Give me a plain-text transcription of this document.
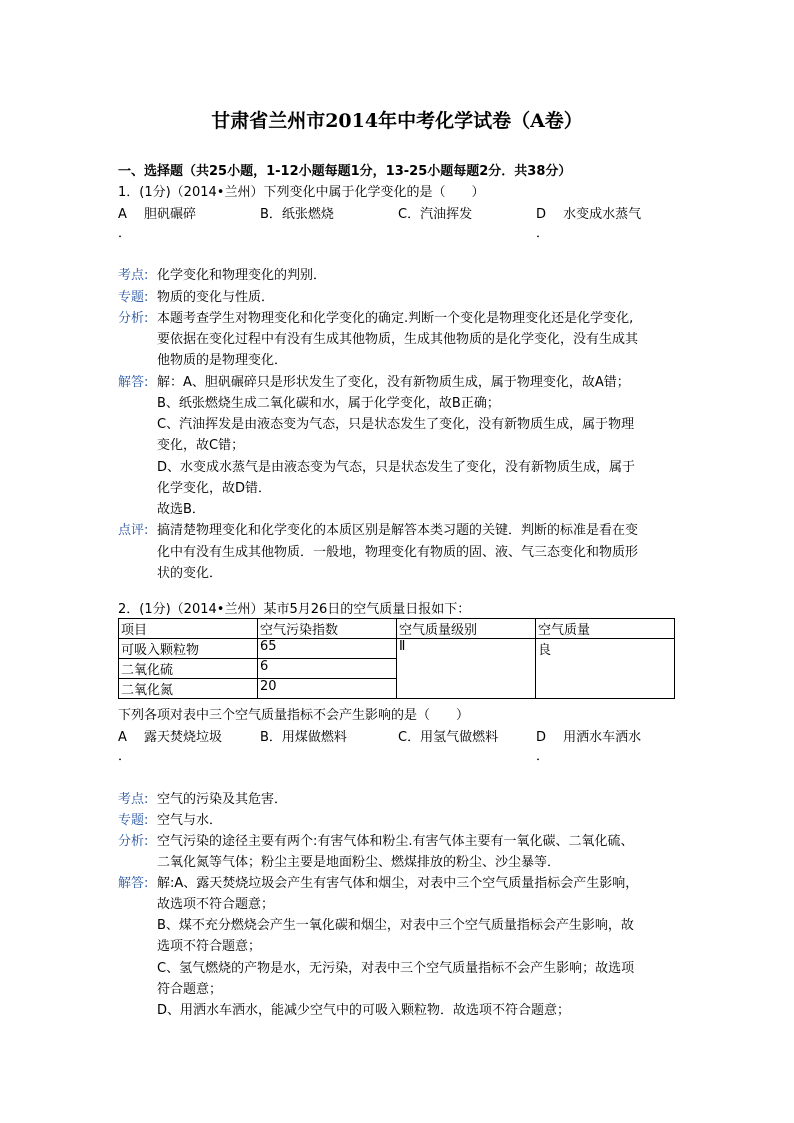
甘肃省兰州市2014年中考化学试卷（A卷）
一、选择题（共25小题，1-12小题每题1分，13-25小题每题2分．共38分）
1．(1分)（2014•兰州）下列变化中属于化学变化的是（　　）
A　 胆矾碾碎	B．纸张燃烧	C．汽油挥发	D　 水变成水蒸气
．	．
考点: 化学变化和物理变化的判别．
专题: 物质的变化与性质．
分析: 本题考查学生对物理变化和化学变化的确定.判断一个变化是物理变化还是化学变化,
要依据在变化过程中有没有生成其他物质，生成其他物质的是化学变化，没有生成其
他物质的是物理变化．
解答: 解：A、胆矾碾碎只是形状发生了变化，没有新物质生成，属于物理变化，故A错；
B、纸张燃烧生成二氧化碳和水，属于化学变化，故B正确；
C、汽油挥发是由液态变为气态，只是状态发生了变化，没有新物质生成，属于物理
变化，故C错；
D、水变成水蒸气是由液态变为气态，只是状态发生了变化，没有新物质生成，属于
化学变化，故D错．
故选B．
点评: 搞清楚物理变化和化学变化的本质区别是解答本类习题的关键．判断的标准是看在变
化中有没有生成其他物质．一般地，物理变化有物质的固、液、气三态变化和物质形
状的变化．
2．(1分)（2014•兰州）某市5月26日的空气质量日报如下：
项目	空气污染指数	空气质量级别	空气质量
可吸入颗粒物	65	Ⅱ	良
二氧化硫	6		
二氧化氮	20		
下列各项对表中三个空气质量指标不会产生影响的是（　　）
A　 露天焚烧垃圾	B．用煤做燃料	C．用氢气做燃料	D　 用洒水车洒水
．	．
考点: 空气的污染及其危害．
专题: 空气与水．
分析: 空气污染的途径主要有两个:有害气体和粉尘.有害气体主要有一氧化碳、二氧化硫、
二氧化氮等气体；粉尘主要是地面粉尘、燃煤排放的粉尘、沙尘暴等．
解答: 解:A、露天焚烧垃圾会产生有害气体和烟尘，对表中三个空气质量指标会产生影响，
故选项不符合题意；
B、煤不充分燃烧会产生一氧化碳和烟尘，对表中三个空气质量指标会产生影响，故
选项不符合题意；
C、氢气燃烧的产物是水，无污染，对表中三个空气质量指标不会产生影响；故选项
符合题意；
D、用洒水车洒水，能减少空气中的可吸入颗粒物．故选项不符合题意；
